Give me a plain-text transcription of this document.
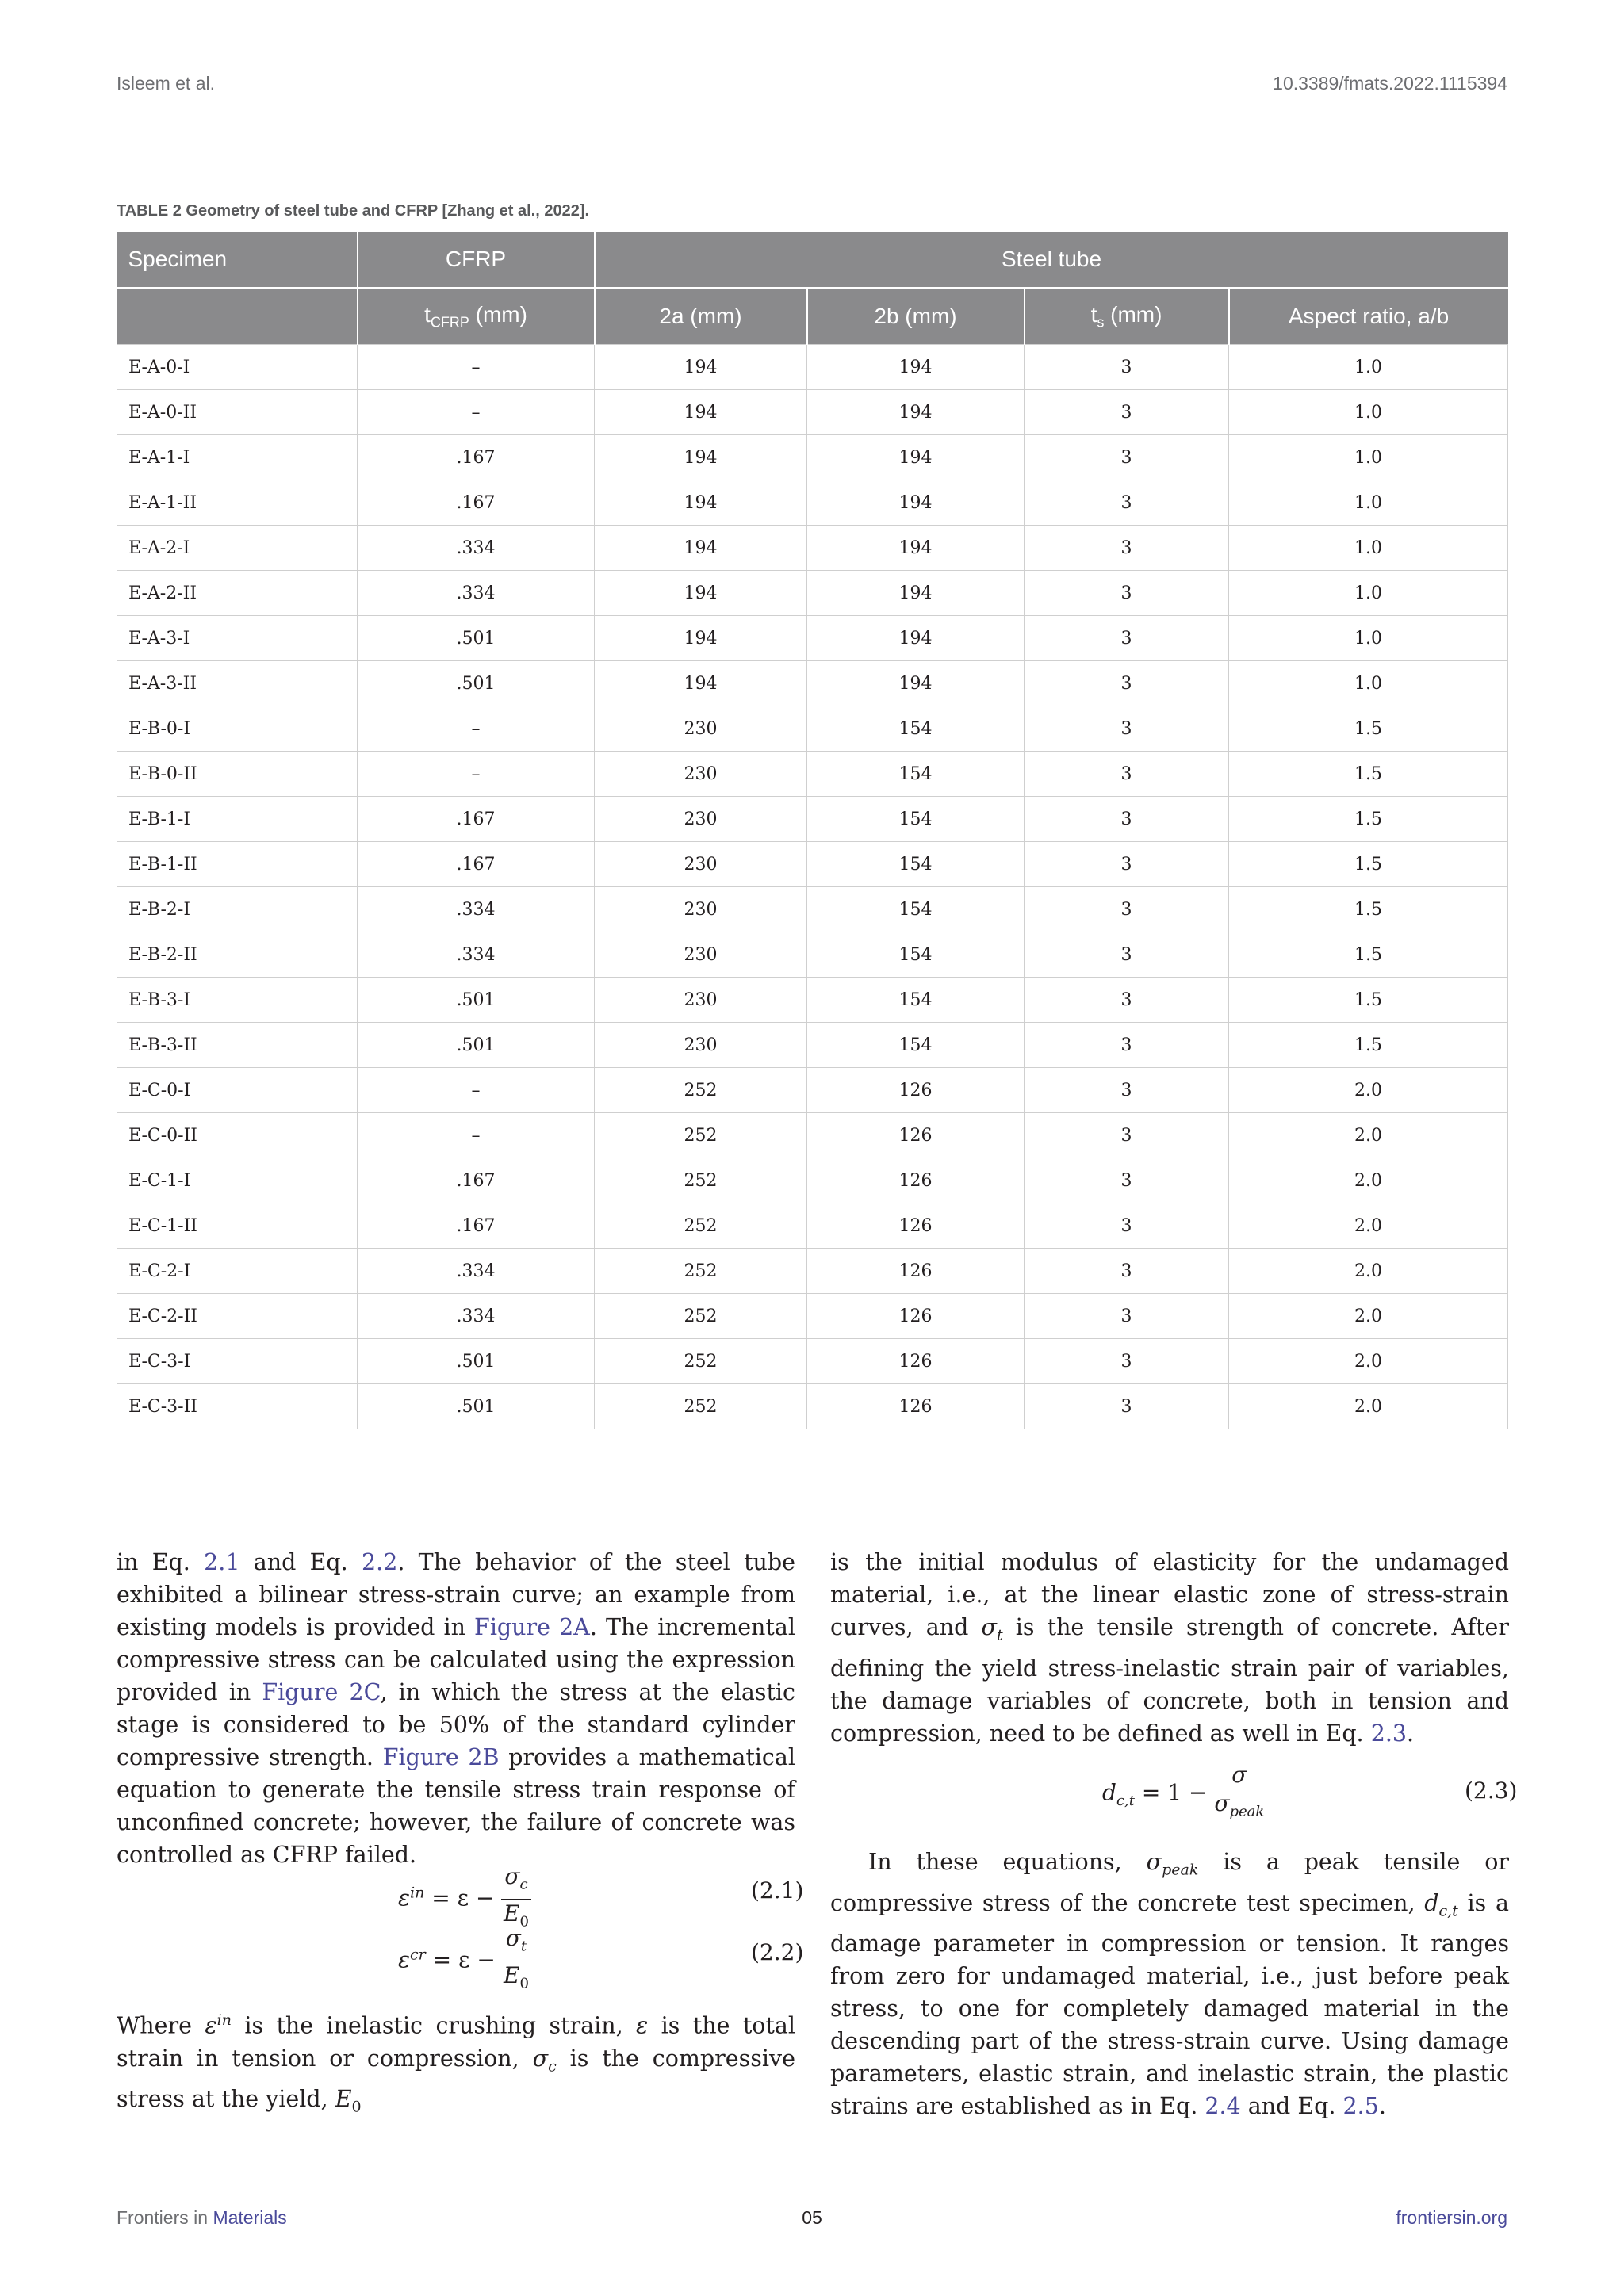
Isleem et al.	10.3389/fmats.2022.1115394
TABLE 2 Geometry of steel tube and CFRP [Zhang et al., 2022].
Specimen	CFRP	Steel tube			
	$t_{CFRP}$ (mm)	2a (mm)	2b (mm)	$t_s$ (mm)	Aspect ratio, a/b
E-A-0-I	–	194	194	3	1.0
E-A-0-II	–	194	194	3	1.0
E-A-1-I	.167	194	194	3	1.0
E-A-1-II	.167	194	194	3	1.0
E-A-2-I	.334	194	194	3	1.0
E-A-2-II	.334	194	194	3	1.0
E-A-3-I	.501	194	194	3	1.0
E-A-3-II	.501	194	194	3	1.0
E-B-0-I	–	230	154	3	1.5
E-B-0-II	–	230	154	3	1.5
E-B-1-I	.167	230	154	3	1.5
E-B-1-II	.167	230	154	3	1.5
E-B-2-I	.334	230	154	3	1.5
E-B-2-II	.334	230	154	3	1.5
E-B-3-I	.501	230	154	3	1.5
E-B-3-II	.501	230	154	3	1.5
E-C-0-I	–	252	126	3	2.0
E-C-0-II	–	252	126	3	2.0
E-C-1-I	.167	252	126	3	2.0
E-C-1-II	.167	252	126	3	2.0
E-C-2-I	.334	252	126	3	2.0
E-C-2-II	.334	252	126	3	2.0
E-C-3-I	.501	252	126	3	2.0
E-C-3-II	.501	252	126	3	2.0

in Eq. 2.1 and Eq. 2.2. The behavior of the steel tube exhibited a bilinear stress-strain curve; an example from existing models is provided in Figure 2A. The incremental compressive stress can be calculated using the expression provided in Figure 2C, in which the stress at the elastic stage is considered to be 50% of the standard cylinder compressive strength. Figure 2B provides a mathematical equation to generate the tensile stress train response of unconfined concrete; however, the failure of concrete was controlled as CFRP failed.

$\varepsilon^{in} = \varepsilon - \frac{\sigma_c}{E_0}$	(2.1)
$\varepsilon^{cr} = \varepsilon - \frac{\sigma_t}{E_0}$	(2.2)

Where $\varepsilon^{in}$ is the inelastic crushing strain, ε is the total strain in tension or compression, $\sigma_c$ is the compressive stress at the yield, $E_0$

is the initial modulus of elasticity for the undamaged material, i.e., at the linear elastic zone of stress-strain curves, and $\sigma_t$ is the tensile strength of concrete. After defining the yield stress-inelastic strain pair of variables, the damage variables of concrete, both in tension and compression, need to be defined as well in Eq. 2.3.

$d_{c,t} = 1 - \frac{\sigma}{\sigma_{peak}}$	(2.3)

In these equations, $\sigma_{peak}$ is a peak tensile or compressive stress of the concrete test specimen, $d_{c,t}$ is a damage parameter in compression or tension. It ranges from zero for undamaged material, i.e., just before peak stress, to one for completely damaged material in the descending part of the stress-strain curve. Using damage parameters, elastic strain, and inelastic strain, the plastic strains are established as in Eq. 2.4 and Eq. 2.5.

Frontiers in Materials	05	frontiersin.org
